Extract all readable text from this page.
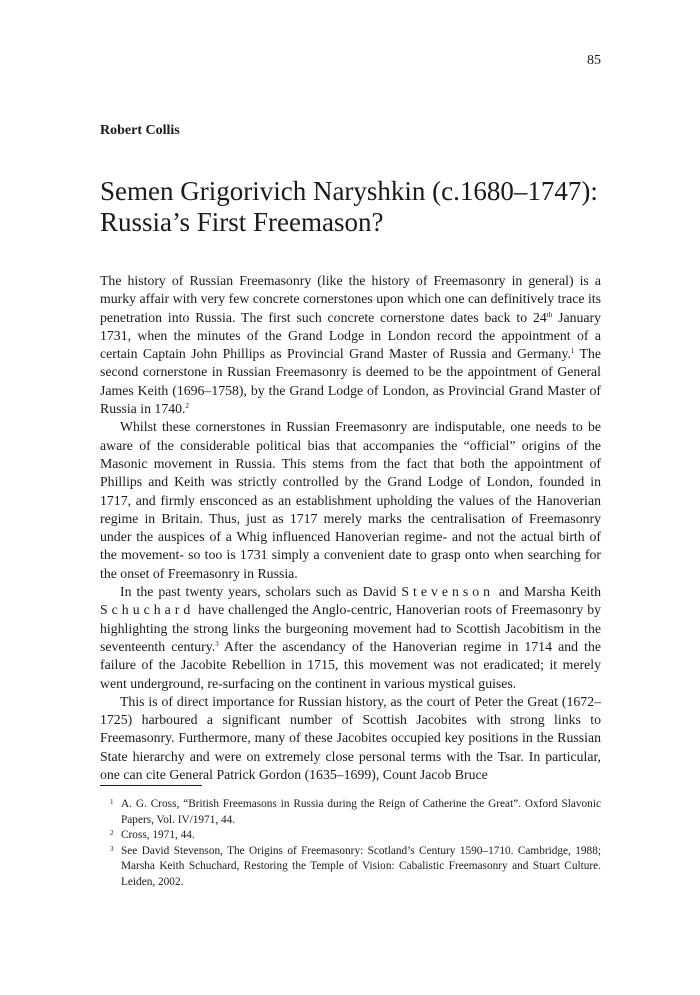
85
Robert Collis
Semen Grigorivich Naryshkin (c.1680–1747): Russia’s First Freemason?

The history of Russian Freemasonry (like the history of Freemasonry in general) is a murky affair with very few concrete cornerstones upon which one can definitively trace its penetration into Russia. The first such concrete cornerstone dates back to 24th January 1731, when the minutes of the Grand Lodge in London record the appointment of a certain Captain John Phillips as Provincial Grand Master of Russia and Germany.$^1$ The second cornerstone in Russian Freemasonry is deemed to be the appointment of General James Keith (1696–1758), by the Grand Lodge of London, as Provincial Grand Master of Russia in 1740.$^2$

Whilst these cornerstones in Russian Freemasonry are indisputable, one needs to be aware of the considerable political bias that accompanies the “official” origins of the Masonic movement in Russia. This stems from the fact that both the appointment of Phillips and Keith was strictly controlled by the Grand Lodge of London, founded in 1717, and firmly ensconced as an establishment upholding the values of the Hanoverian regime in Britain. Thus, just as 1717 merely marks the centralisation of Freemasonry under the auspices of a Whig influenced Hanoverian regime- and not the actual birth of the movement- so too is 1731 simply a convenient date to grasp onto when searching for the onset of Freemasonry in Russia.

In the past twenty years, scholars such as David Stevenson and Marsha Keith Schuchard have challenged the Anglo-centric, Hanoverian roots of Freemasonry by highlighting the strong links the burgeoning movement had to Scottish Jacobitism in the seventeenth century.$^3$ After the ascendancy of the Hanoverian regime in 1714 and the failure of the Jacobite Rebellion in 1715, this movement was not eradicated; it merely went underground, re-surfacing on the continent in various mystical guises.

This is of direct importance for Russian history, as the court of Peter the Great (1672–1725) harboured a significant number of Scottish Jacobites with strong links to Freemasonry. Furthermore, many of these Jacobites occupied key positions in the Russian State hierarchy and were on extremely close personal terms with the Tsar. In particular, one can cite General Patrick Gordon (1635–1699), Count Jacob Bruce

1 A. G. Cross, “British Freemasons in Russia during the Reign of Catherine the Great”. Oxford Slavonic Papers, Vol. IV/1971, 44.
2 Cross, 1971, 44.
3 See David Stevenson, The Origins of Freemasonry: Scotland’s Century 1590–1710. Cambridge, 1988; Marsha Keith Schuchard, Restoring the Temple of Vision: Cabalistic Freemasonry and Stuart Culture. Leiden, 2002.
